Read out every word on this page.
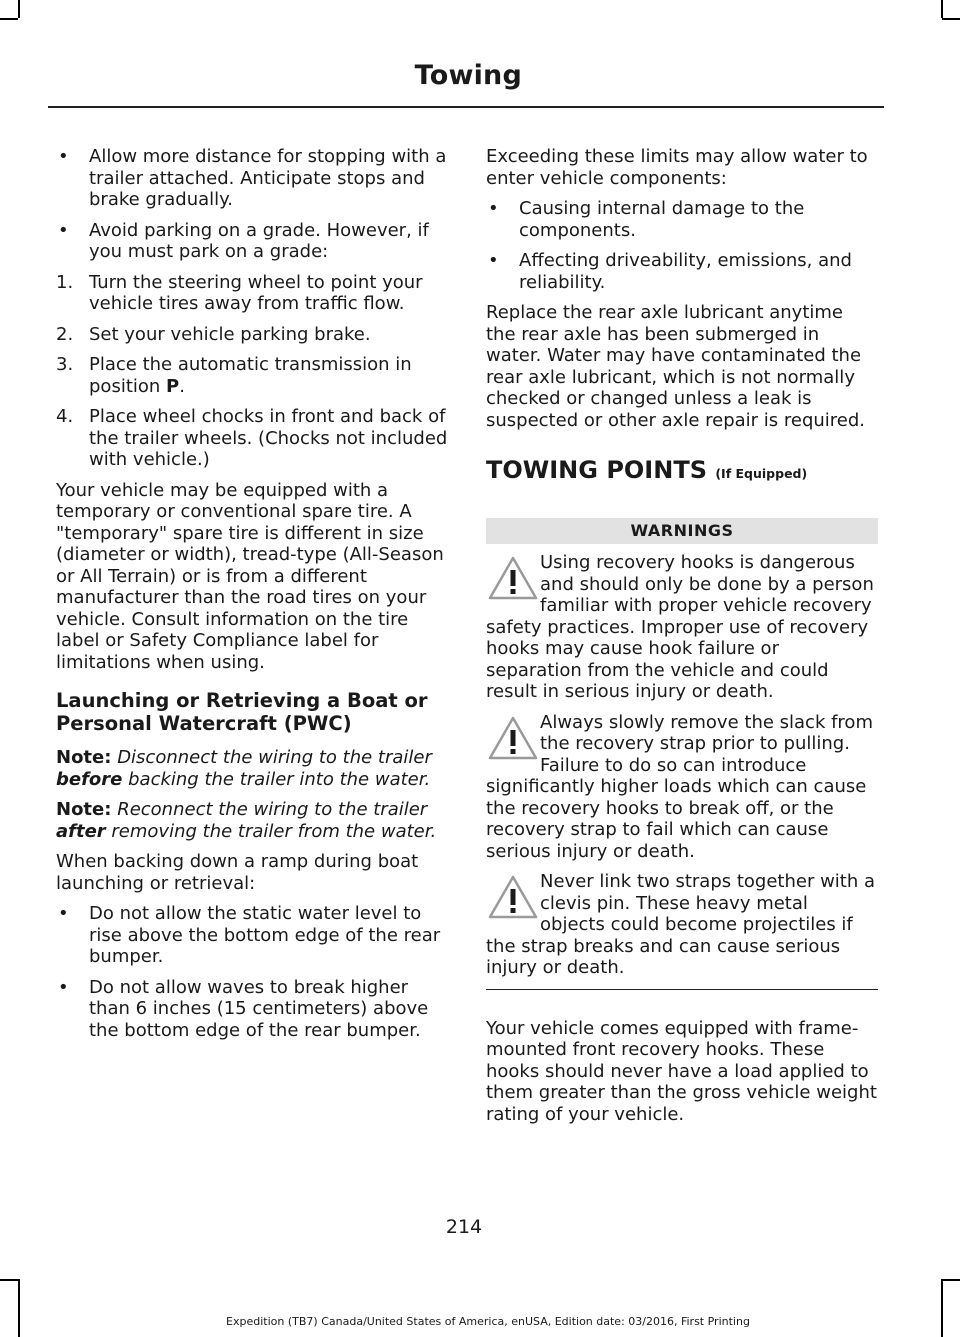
Towing
• Allow more distance for stopping with a trailer attached. Anticipate stops and brake gradually.
• Avoid parking on a grade. However, if you must park on a grade:
1. Turn the steering wheel to point your vehicle tires away from traffic flow.
2. Set your vehicle parking brake.
3. Place the automatic transmission in position P.
4. Place wheel chocks in front and back of the trailer wheels. (Chocks not included with vehicle.)

Your vehicle may be equipped with a temporary or conventional spare tire. A "temporary" spare tire is different in size (diameter or width), tread-type (All-Season or All Terrain) or is from a different manufacturer than the road tires on your vehicle. Consult information on the tire label or Safety Compliance label for limitations when using.

Launching or Retrieving a Boat or Personal Watercraft (PWC)

Note: Disconnect the wiring to the trailer before backing the trailer into the water.

Note: Reconnect the wiring to the trailer after removing the trailer from the water.

When backing down a ramp during boat launching or retrieval:

• Do not allow the static water level to rise above the bottom edge of the rear bumper.
• Do not allow waves to break higher than 6 inches (15 centimeters) above the bottom edge of the rear bumper.

Exceeding these limits may allow water to enter vehicle components:

• Causing internal damage to the components.
• Affecting driveability, emissions, and reliability.

Replace the rear axle lubricant anytime the rear axle has been submerged in water. Water may have contaminated the rear axle lubricant, which is not normally checked or changed unless a leak is suspected or other axle repair is required.

TOWING POINTS (If Equipped)
WARNINGS
Using recovery hooks is dangerous and should only be done by a person familiar with proper vehicle recovery safety practices. Improper use of recovery hooks may cause hook failure or separation from the vehicle and could result in serious injury or death.
Always slowly remove the slack from the recovery strap prior to pulling. Failure to do so can introduce significantly higher loads which can cause the recovery hooks to break off, or the recovery strap to fail which can cause serious injury or death.
Never link two straps together with a clevis pin. These heavy metal objects could become projectiles if the strap breaks and can cause serious injury or death.

Your vehicle comes equipped with frame-mounted front recovery hooks. These hooks should never have a load applied to them greater than the gross vehicle weight rating of your vehicle.

214
Expedition (TB7) Canada/United States of America, enUSA, Edition date: 03/2016, First Printing
